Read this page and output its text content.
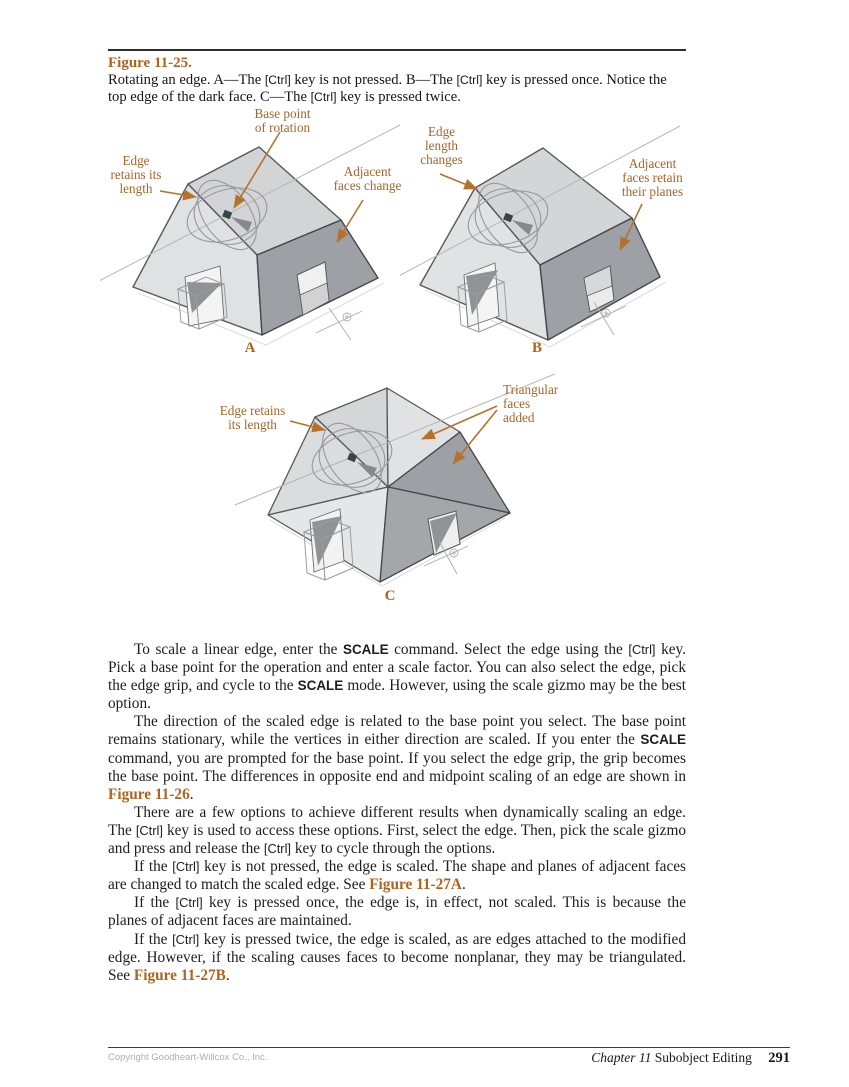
Figure 11-25.
Rotating an edge. A—The [Ctrl] key is not pressed. B—The [Ctrl] key is pressed once. Notice the top edge of the dark face. C—The [Ctrl] key is pressed twice.
Base point
of rotation
Edge
retains its
length
Adjacent
faces change
A
Edge
length
changes	Adjacent
faces retain
their planes
B
Edge retains
its length
Triangular
faces
added
C

To scale a linear edge, enter the SCALE command. Select the edge using the [Ctrl] key. Pick a base point for the operation and enter a scale factor. You can also select the edge, pick the edge grip, and cycle to the SCALE mode. However, using the scale gizmo may be the best option.

The direction of the scaled edge is related to the base point you select. The base point remains stationary, while the vertices in either direction are scaled. If you enter the SCALE command, you are prompted for the base point. If you select the edge grip, the grip becomes the base point. The differences in opposite end and midpoint scaling of an edge are shown in Figure 11-26.

There are a few options to achieve different results when dynamically scaling an edge. The [Ctrl] key is used to access these options. First, select the edge. Then, pick the scale gizmo and press and release the [Ctrl] key to cycle through the options.

If the [Ctrl] key is not pressed, the edge is scaled. The shape and planes of adjacent faces are changed to match the scaled edge. See Figure 11-27A.

If the [Ctrl] key is pressed once, the edge is, in effect, not scaled. This is because the planes of adjacent faces are maintained.

If the [Ctrl] key is pressed twice, the edge is scaled, as are edges attached to the modified edge. However, if the scaling causes faces to become nonplanar, they may be triangulated. See Figure 11-27B.

Copyright Goodheart-Willcox Co., Inc.	Chapter 11 Subobject Editing 291
